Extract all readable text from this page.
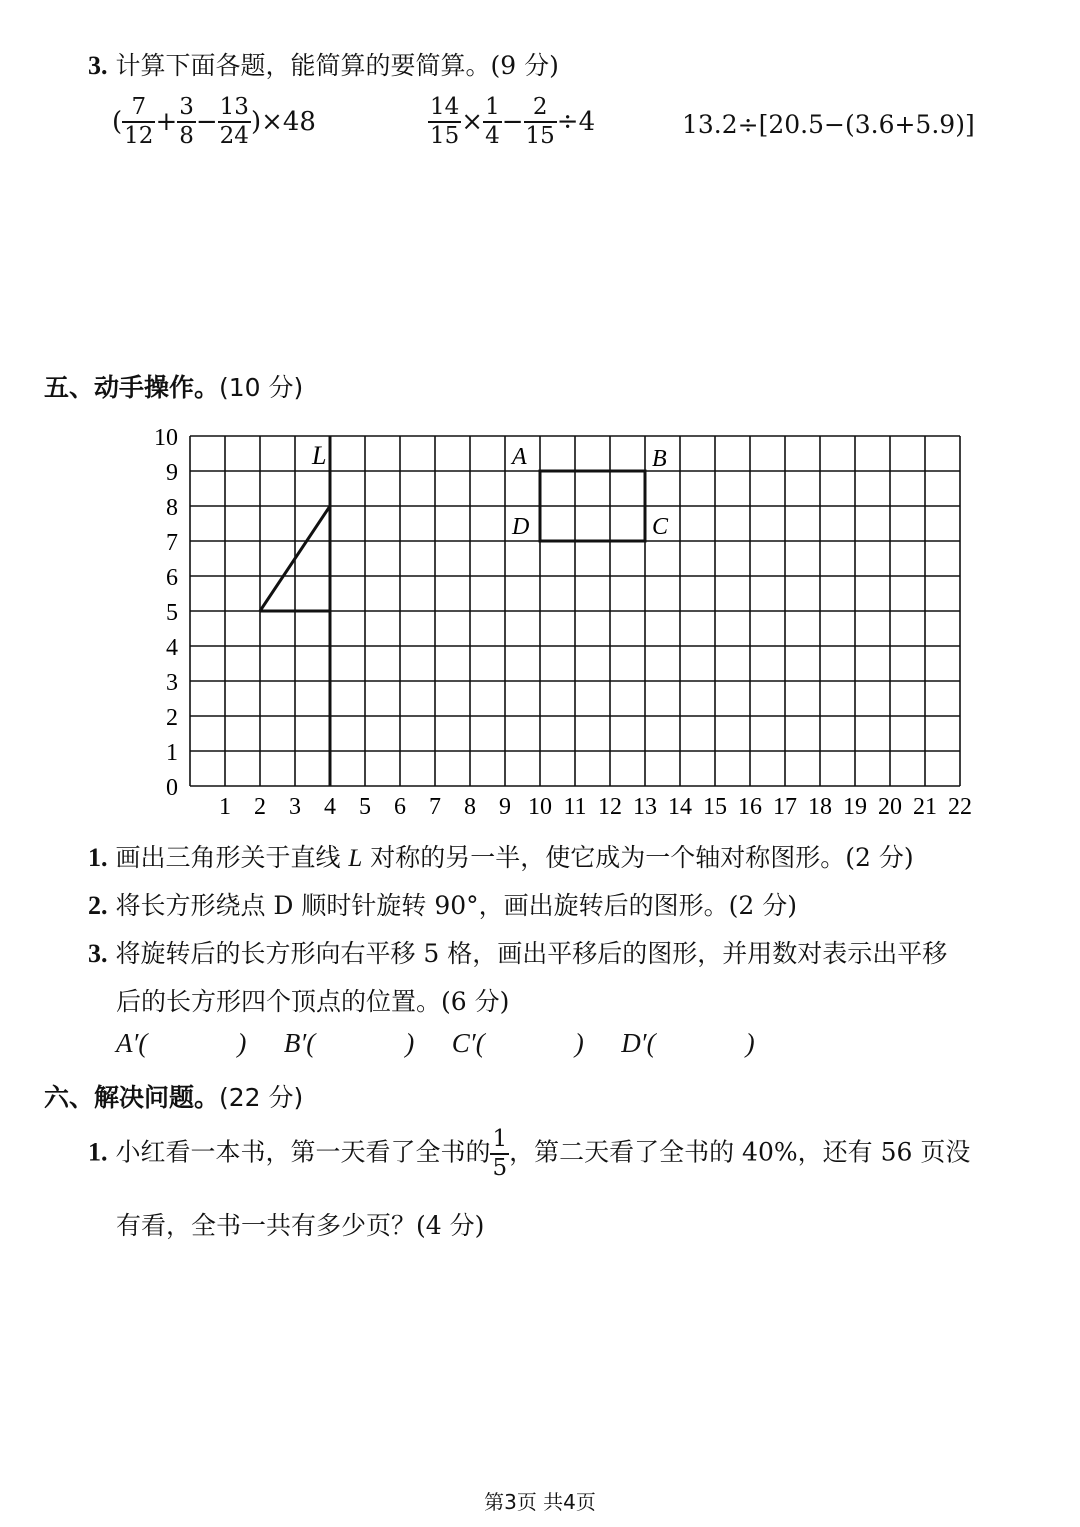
3. 计算下面各题，能简算的要简算。(9 分)
( $\frac{7}{12} + \frac{3}{8} - \frac{13}{24} )\times 48$	$\frac{14}{15} \times \frac{1}{4} - \frac{2}{15} \div 4$	13.2÷[20.5−(3.6+5.9)]
五、动手操作。(10 分)
10
9
8
7
6
5
4
3
2
1
0
1 2 3 4 5 6 7 8 9 10 11 12 13 14 15 16 17 18 19 20 21 22
L	A	B
C
D
1. 画出三角形关于直线 L 对称的另一半，使它成为一个轴对称图形。(2 分)
2. 将长方形绕点 D 顺时针旋转 90°，画出旋转后的图形。(2 分)
3. 将旋转后的长方形向右平移 5 格，画出平移后的图形，并用数对表示出平移
后的长方形四个顶点的位置。(6 分)
A′(	) B′(	) C′(	) D′(	)
六、解决问题。(22 分)
1. 小红看一本书，第一天看了全书的 $\frac{1}{5}$ ，第二天看了全书的 40%，还有 56 页没
有看，全书一共有多少页？(4 分)
第3页 共4页
